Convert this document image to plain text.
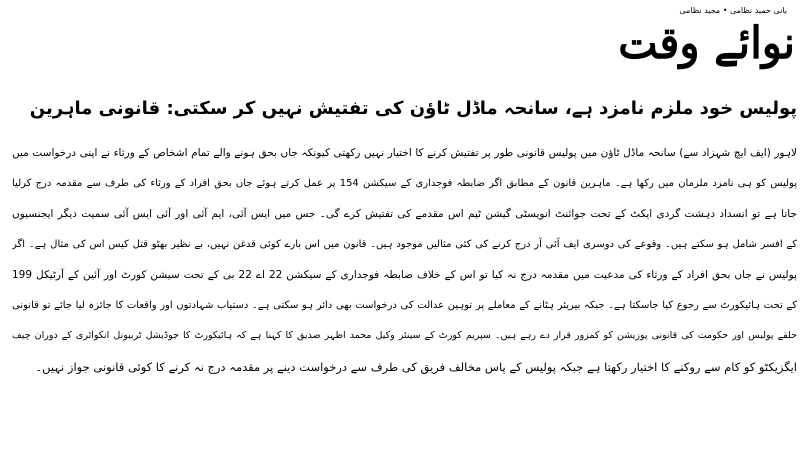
بانی حمید نظامی • مجید نظامی
نوائے وقت
پولیس خود ملزم نامزد ہے، سانحہ ماڈل ٹاؤن کی تفتیش نہیں کر سکتی: قانونی ماہرین
لاہور (ایف ایچ شہزاد سے) سانحہ ماڈل ٹاؤن میں پولیس قانونی طور پر تفتیش کرنے کا اختیار نہیں رکھتی کیونکہ جاں بحق ہونے والے تمام اشخاص کے ورثاء نے اپنی درخواست میں
پولیس کو ہی نامزد ملزمان میں رکھا ہے۔ ماہرین قانون کے مطابق اگر ضابطہ فوجداری کے سیکشن 154 پر عمل کرتے ہوئے جاں بحق افراد کے ورثاء کی طرف سے مقدمہ درج کرلیا
جاتا ہے تو انسداد دہشت گردی ایکٹ کے تحت جوائنٹ انویسٹی گیشن ٹیم اس مقدمے کی تفتیش کرے گی۔ جس میں ایس آئی، ایم آئی اور آئی ایس آئی سمیت دیگر ایجنسیوں
کے افسر شامل ہو سکتے ہیں۔ وقوعے کی دوسری ایف آئی آر درج کرنے کی کئی مثالیں موجود ہیں۔ قانون میں اس بارے کوئی قدغن نہیں، بے نظیر بھٹو قتل کیس اس کی مثال ہے۔ اگر
پولیس نے جاں بحق افراد کے ورثاء کی مدعیت میں مقدمہ درج نہ کیا تو اس کے خلاف ضابطہ فوجداری کے سیکشن 22 اے 22 بی کے تحت سیشن کورٹ اور آئین کے آرٹیکل 199
کے تحت ہائیکورٹ سے رجوع کیا جاسکتا ہے۔ جبکہ بیریئر ہٹانے کے معاملے پر توہین عدالت کی درخواست بھی دائر ہو سکتی ہے۔ دستیاب شہادتوں اور واقعات کا جائزہ لیا جائے تو قانونی
حلقے پولیس اور حکومت کی قانونی پوزیشن کو کمزور قرار دے رہے ہیں۔ سپریم کورٹ کے سینئر وکیل محمد اظہر صدیق کا کہنا ہے کہ ہائیکورٹ کا جوڈیشل ٹربیونل انکوائری کے دوران چیف
ایگزیکٹو کو کام سے روکنے کا اختیار رکھتا ہے جبکہ پولیس کے پاس مخالف فریق کی طرف سے درخواست دینے پر مقدمہ درج نہ کرنے کا کوئی قانونی جواز نہیں۔
